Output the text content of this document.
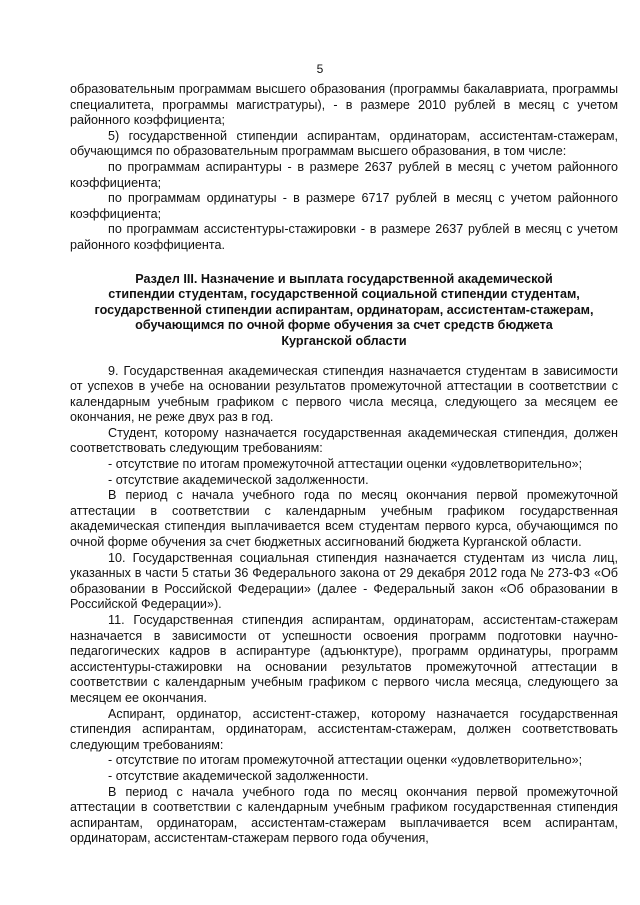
5

образовательным программам высшего образования (программы бакалавриата, программы специалитета, программы магистратуры), - в размере 2010 рублей в месяц с учетом районного коэффициента;

5) государственной стипендии аспирантам, ординаторам, ассистентам-стажерам, обучающимся по образовательным программам высшего образования, в том числе:

по программам аспирантуры - в размере 2637 рублей в месяц с учетом районного коэффициента;

по программам ординатуры - в размере 6717 рублей в месяц с учетом районного коэффициента;

по программам ассистентуры-стажировки - в размере 2637 рублей в месяц с учетом районного коэффициента.

Раздел III. Назначение и выплата государственной академической
стипендии студентам, государственной социальной стипендии студентам,
государственной стипендии аспирантам, ординаторам, ассистентам-стажерам,
обучающимся по очной форме обучения за счет средств бюджета
Курганской области

9. Государственная академическая стипендия назначается студентам в зависимости от успехов в учебе на основании результатов промежуточной аттестации в соответствии с календарным учебным графиком с первого числа месяца, следующего за месяцем ее окончания, не реже двух раз в год.

Студент, которому назначается государственная академическая стипендия, должен соответствовать следующим требованиям:

- отсутствие по итогам промежуточной аттестации оценки «удовлетворительно»;

- отсутствие академической задолженности.

В период с начала учебного года по месяц окончания первой промежуточной аттестации в соответствии с календарным учебным графиком государственная академическая стипендия выплачивается всем студентам первого курса, обучающимся по очной форме обучения за счет бюджетных ассигнований бюджета Курганской области.

10. Государственная социальная стипендия назначается студентам из числа лиц, указанных в части 5 статьи 36 Федерального закона от 29 декабря 2012 года № 273-ФЗ «Об образовании в Российской Федерации» (далее - Федеральный закон «Об образовании в Российской Федерации»).

11. Государственная стипендия аспирантам, ординаторам, ассистентам-стажерам назначается в зависимости от успешности освоения программ подготовки научно-педагогических кадров в аспирантуре (адъюнктуре), программ ординатуры, программ ассистентуры-стажировки на основании результатов промежуточной аттестации в соответствии с календарным учебным графиком с первого числа месяца, следующего за месяцем ее окончания.

Аспирант, ординатор, ассистент-стажер, которому назначается государственная стипендия аспирантам, ординаторам, ассистентам-стажерам, должен соответствовать следующим требованиям:

- отсутствие по итогам промежуточной аттестации оценки «удовлетворительно»;

- отсутствие академической задолженности.

В период с начала учебного года по месяц окончания первой промежуточной аттестации в соответствии с календарным учебным графиком государственная стипендия аспирантам, ординаторам, ассистентам-стажерам выплачивается всем аспирантам, ординаторам, ассистентам-стажерам первого года обучения,
